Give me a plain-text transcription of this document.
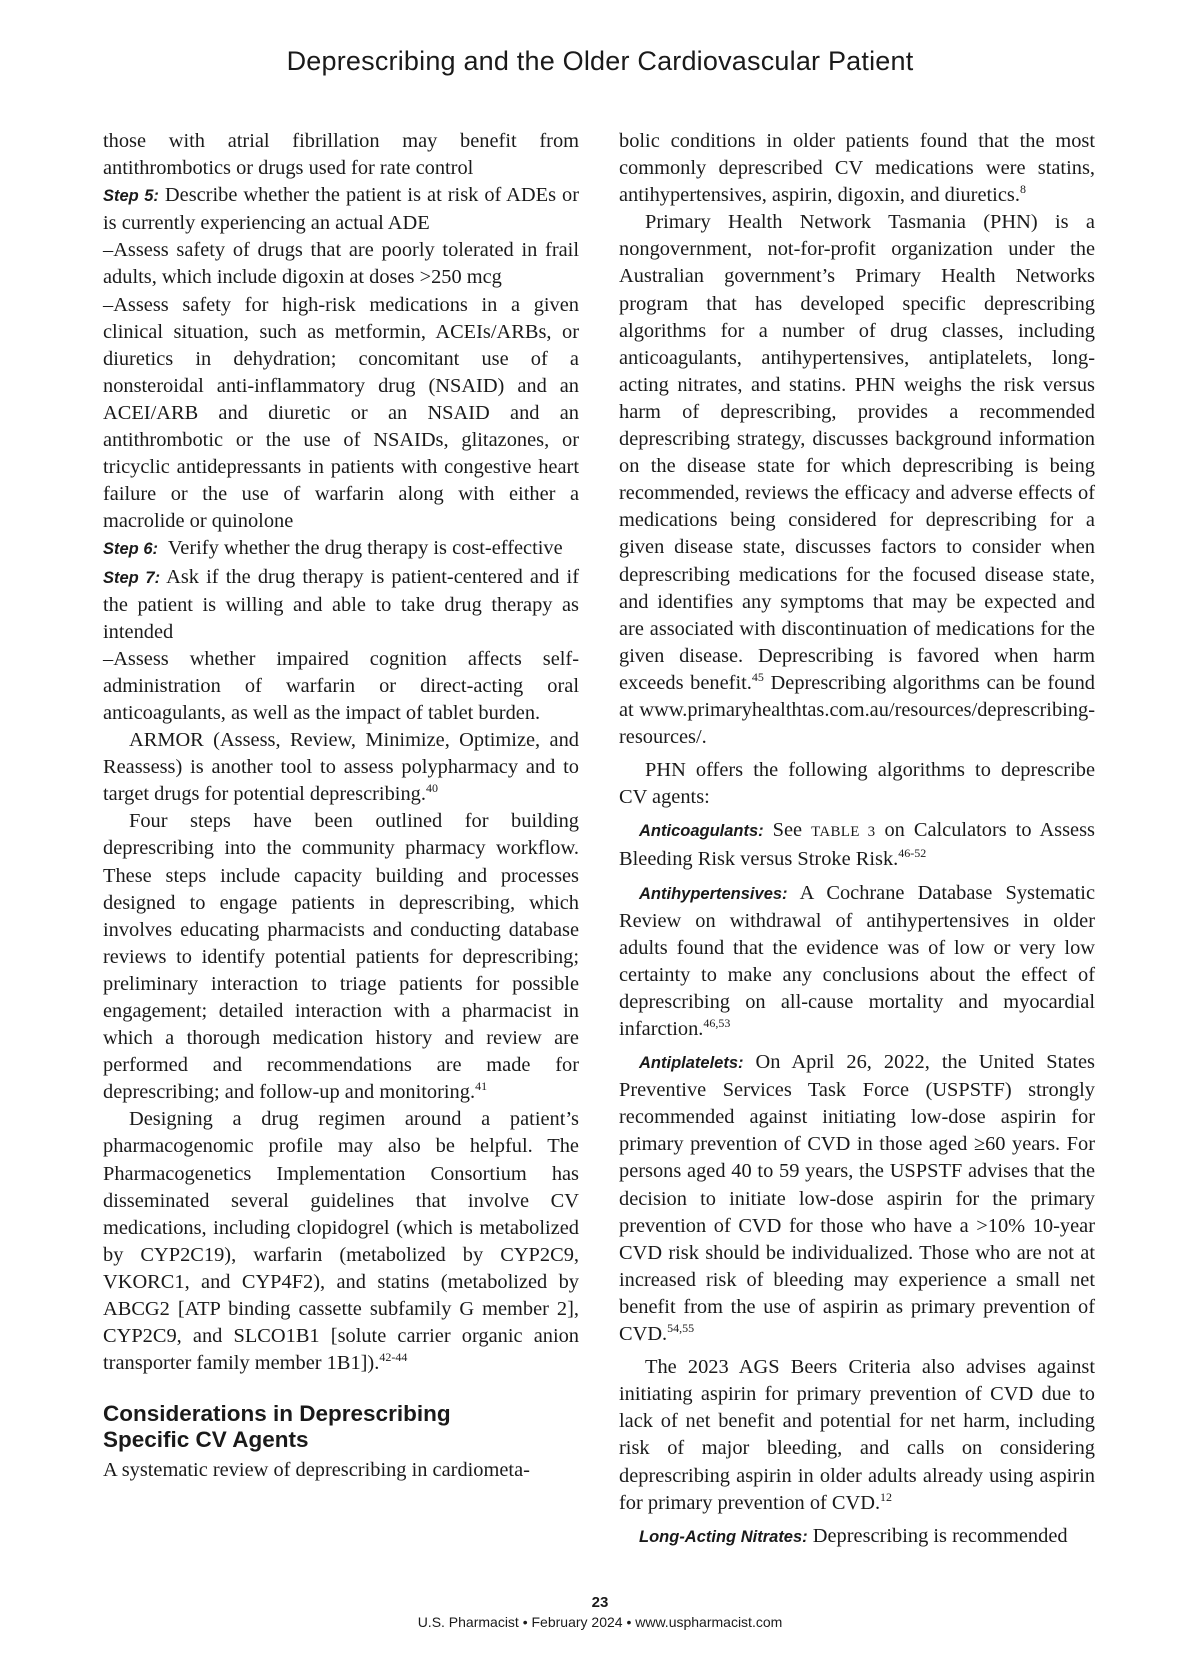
Deprescribing and the Older Cardiovascular Patient

those with atrial fibrillation may benefit from antithrombotics or drugs used for rate control

Step 5: Describe whether the patient is at risk of ADEs or is currently experiencing an actual ADE

–Assess safety of drugs that are poorly tolerated in frail adults, which include digoxin at doses >250 mcg

–Assess safety for high-risk medications in a given clinical situation, such as metformin, ACEIs/ARBs, or diuretics in dehydration; concomitant use of a nonsteroidal anti-inflammatory drug (NSAID) and an ACEI/ARB and diuretic or an NSAID and an antithrombotic or the use of NSAIDs, glitazones, or tricyclic antidepressants in patients with congestive heart failure or the use of warfarin along with either a macrolide or quinolone

Step 6:  Verify whether the drug therapy is cost-effective

Step 7: Ask if the drug therapy is patient-centered and if the patient is willing and able to take drug therapy as intended

–Assess whether impaired cognition affects self-administration of warfarin or direct-acting oral anticoagulants, as well as the impact of tablet burden.

ARMOR (Assess, Review, Minimize, Optimize, and Reassess) is another tool to assess polypharmacy and to target drugs for potential deprescribing.$^{40}$

Four steps have been outlined for building deprescribing into the community pharmacy workflow. These steps include capacity building and processes designed to engage patients in deprescribing, which involves educating pharmacists and conducting database reviews to identify potential patients for deprescribing; preliminary interaction to triage patients for possible engagement; detailed interaction with a pharmacist in which a thorough medication history and review are performed and recommendations are made for deprescribing; and follow-up and monitoring.$^{41}$

Designing a drug regimen around a patient’s pharmacogenomic profile may also be helpful. The Pharmacogenetics Implementation Consortium has disseminated several guidelines that involve CV medications, including clopidogrel (which is metabolized by CYP2C19), warfarin (metabolized by CYP2C9, VKORC1, and CYP4F2), and statins (metabolized by ABCG2 [ATP binding cassette subfamily G member 2], CYP2C9, and SLCO1B1 [solute carrier organic anion transporter family member 1B1]).$^{42-44}$

Considerations in Deprescribing
Specific CV Agents

A systematic review of deprescribing in cardiometa-

bolic conditions in older patients found that the most commonly deprescribed CV medications were statins, antihypertensives, aspirin, digoxin, and diuretics.$^8$

Primary Health Network Tasmania (PHN) is a nongovernment, not-for-profit organization under the Australian government’s Primary Health Networks program that has developed specific deprescribing algorithms for a number of drug classes, including anticoagulants, antihypertensives, antiplatelets, long-acting nitrates, and statins. PHN weighs the risk versus harm of deprescribing, provides a recommended deprescribing strategy, discusses background information on the disease state for which deprescribing is being recommended, reviews the efficacy and adverse effects of medications being considered for deprescribing for a given disease state, discusses factors to consider when deprescribing medications for the focused disease state, and identifies any symptoms that may be expected and are associated with discontinuation of medications for the given disease. Deprescribing is favored when harm exceeds benefit.$^{45}$ Deprescribing algorithms can be found at www.primaryhealthtas.com.au/resources/deprescribing-resources/.

PHN offers the following algorithms to deprescribe CV agents:

Anticoagulants: See TABLE 3 on Calculators to Assess Bleeding Risk versus Stroke Risk.$^{46-52}$

Antihypertensives: A Cochrane Database Systematic Review on withdrawal of antihypertensives in older adults found that the evidence was of low or very low certainty to make any conclusions about the effect of deprescribing on all-cause mortality and myocardial infarction.$^{46,53}$

Antiplatelets: On April 26, 2022, the United States Preventive Services Task Force (USPSTF) strongly recommended against initiating low-dose aspirin for primary prevention of CVD in those aged ≥60 years. For persons aged 40 to 59 years, the USPSTF advises that the decision to initiate low-dose aspirin for the primary prevention of CVD for those who have a >10% 10-year CVD risk should be individualized. Those who are not at increased risk of bleeding may experience a small net benefit from the use of aspirin as primary prevention of CVD.$^{54,55}$

The 2023 AGS Beers Criteria also advises against initiating aspirin for primary prevention of CVD due to lack of net benefit and potential for net harm, including risk of major bleeding, and calls on considering deprescribing aspirin in older adults already using aspirin for primary prevention of CVD.$^{12}$

Long-Acting Nitrates: Deprescribing is recommended

23
U.S. Pharmacist • February 2024 • www.uspharmacist.com
